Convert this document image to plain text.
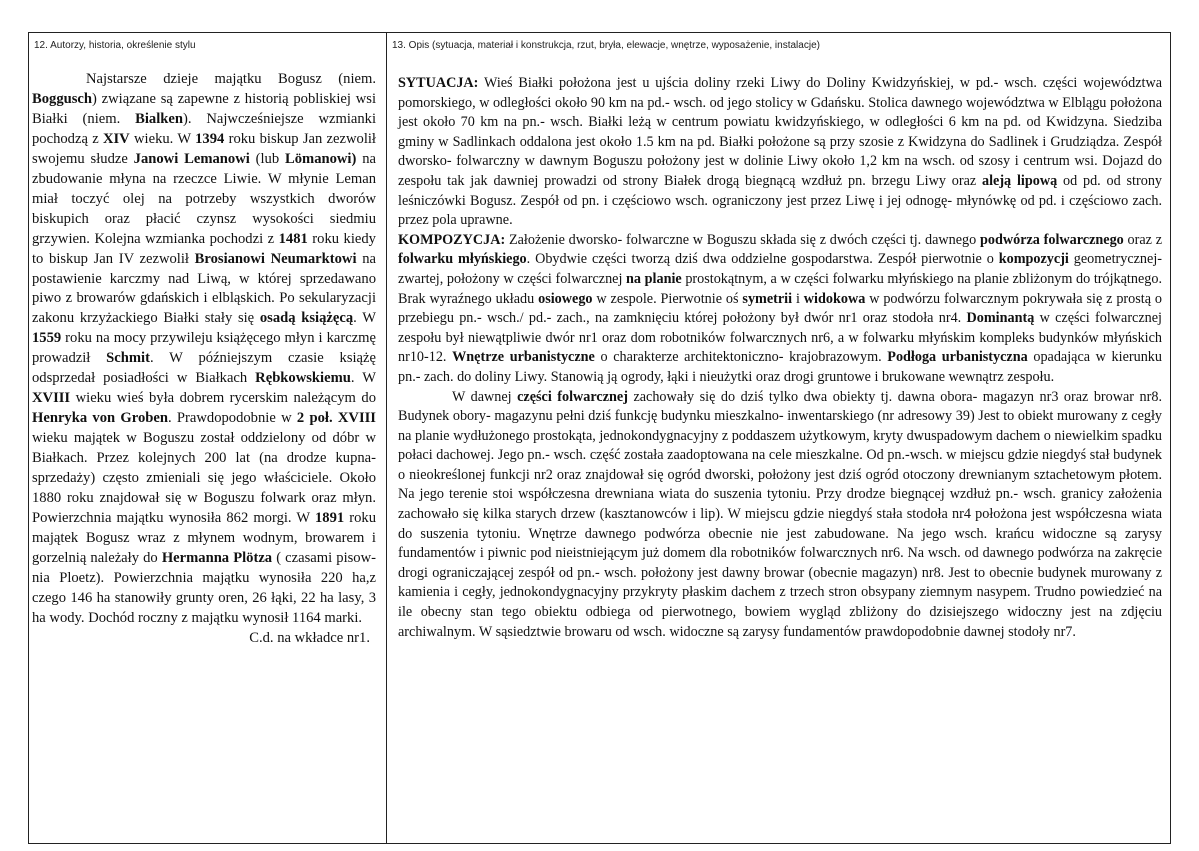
12. Autorzy, historia, określenie stylu	13. Opis (sytuacja, materiał i konstrukcja, rzut, bryła, elewacje, wnętrze, wyposażenie, instalacje)

Najstarsze dzieje majątku Bogusz (niem. Boggusch) związane są zapewne z historią pobliskiej wsi Białki (niem. Bialken). Najwcześniejsze wzmianki pochodzą z XIV wieku. W 1394 roku biskup Jan zezwolił swojemu słudze Janowi Lemanowi (lub Lömanowi) na zbudowanie młyna na rzeczce Liwie. W młynie Leman miał toczyć olej na potrzeby wszystkich dworów biskupich oraz płacić czynsz wysokości siedmiu grzywien. Kolejna wzmianka pochodzi z 1481 roku kiedy to biskup Jan IV zezwolił Brosianowi Neumarktowi na postawienie karczmy nad Liwą, w której sprzedawano piwo z browarów gdańskich i elbląskich. Po sekularyzacji zakonu krzyżackiego Białki stały się osadą książęcą. W 1559 roku na mocy przywileju książęcego młyn i karczmę prowadził Schmit. W późniejszym czasie książę odsprzedał posiadłości w Białkach Rębkowskiemu. W XVIII wieku wieś była dobrem rycerskim należącym do Henryka von Groben. Prawdopodobnie w 2 poł. XVIII wieku majątek w Boguszu został oddzielony od dóbr w Białkach. Przez kolejnych 200 lat (na drodze kupna- sprzedaży) często zmieniali się jego właściciele. Około 1880 roku znajdował się w Boguszu folwark oraz młyn. Powierzchnia majątku wynosiła 862 morgi. W 1891 roku majątek Bogusz wraz z młynem wodnym, browarem i gorzelnią należały do Hermanna Plötza ( czasami pisow-nia Ploetz). Powierzchnia majątku wynosiła 220 ha,z czego 146 ha stanowiły grunty oren, 26 łąki, 22 ha lasy, 3 ha wody. Dochód roczny z majątku wynosił 1164 marki.

C.d. na wkładce nr1.

SYTUACJA: Wieś Białki położona jest u ujścia doliny rzeki Liwy do Doliny Kwidzyńskiej, w pd.- wsch. części województwa pomorskiego, w odległości około 90 km na pd.- wsch. od jego stolicy w Gdańsku. Stolica dawnego województwa w Elblągu położona jest około 70 km na pn.- wsch. Białki leżą w centrum powiatu kwidzyńskiego, w odległości 6 km na pd. od Kwidzyna. Siedziba gminy w Sadlinkach oddalona jest około 1.5 km na pd. Białki położone są przy szosie z Kwidzyna do Sadlinek i Grudziądza. Zespół dworsko- folwarczny w dawnym Boguszu położony jest w dolinie Liwy około 1,2 km na wsch. od szosy i centrum wsi. Dojazd do zespołu tak jak dawniej prowadzi od strony Białek drogą biegnącą wzdłuż pn. brzegu Liwy oraz aleją lipową od pd. od strony leśniczówki Bogusz. Zespół od pn. i częściowo wsch. ograniczony jest przez Liwę i jej odnogę- młynówkę od pd. i częściowo zach. przez pola uprawne.

KOMPOZYCJA: Założenie dworsko- folwarczne w Boguszu składa się z dwóch części tj. dawnego podwórza folwarcznego oraz z folwarku młyńskiego. Obydwie części tworzą dziś dwa oddzielne gospodarstwa. Zespół pierwotnie o kompozycji geometrycznej- zwartej, położony w części folwarcznej na planie prostokątnym, a w części folwarku młyńskiego na planie zbliżonym do trójkątnego. Brak wyraźnego układu osiowego w zespole. Pierwotnie oś symetrii i widokowa w podwórzu folwarcznym pokrywała się z prostą o przebiegu pn.- wsch./ pd.- zach., na zamknięciu której położony był dwór nr1 oraz stodoła nr4. Dominantą w części folwarcznej zespołu był niewątpliwie dwór nr1 oraz dom robotników folwarcznych nr6, a w folwarku młyńskim kompleks budynków młyńskich nr10-12. Wnętrze urbanistyczne o charakterze architektoniczno- krajobrazowym. Podłoga urbanistyczna opadająca w kierunku pn.- zach. do doliny Liwy. Stanowią ją ogrody, łąki i nieużytki oraz drogi gruntowe i brukowane wewnątrz zespołu.

W dawnej części folwarcznej zachowały się do dziś tylko dwa obiekty tj. dawna obora- magazyn nr3 oraz browar nr8. Budynek obory- magazynu pełni dziś funkcję budynku mieszkalno- inwentarskiego (nr adresowy 39) Jest to obiekt murowany z cegły na planie wydłużonego prostokąta, jednokondygnacyjny z poddaszem użytkowym, kryty dwuspadowym dachem o niewielkim spadku połaci dachowej. Jego pn.- wsch. część została zaadoptowana na cele mieszkalne. Od pn.-wsch. w miejscu gdzie niegdyś stał budynek o nieokreślonej funkcji nr2 oraz znajdował się ogród dworski, położony jest dziś ogród otoczony drewnianym sztachetowym płotem. Na jego terenie stoi współczesna drewniana wiata do suszenia tytoniu. Przy drodze biegnącej wzdłuż pn.- wsch. granicy założenia zachowało się kilka starych drzew (kasztanowców i lip). W miejscu gdzie niegdyś stała stodoła nr4 położona jest współczesna wiata do suszenia tytoniu. Wnętrze dawnego podwórza obecnie nie jest zabudowane. Na jego wsch. krańcu widoczne są zarysy fundamentów i piwnic pod nieistniejącym już domem dla robotników folwarcznych nr6. Na wsch. od dawnego podwórza na zakręcie drogi ograniczającej zespół od pn.- wsch. położony jest dawny browar (obecnie magazyn) nr8. Jest to obecnie budynek murowany z kamienia i cegły, jednokondygnacyjny przykryty płaskim dachem z trzech stron obsypany ziemnym nasypem. Trudno powiedzieć na ile obecny stan tego obiektu odbiega od pierwotnego, bowiem wygląd zbliżony do dzisiejszego widoczny jest na zdjęciu archiwalnym. W sąsiedztwie browaru od wsch. widoczne są zarysy fundamentów prawdopodobnie dawnej stodoły nr7.
